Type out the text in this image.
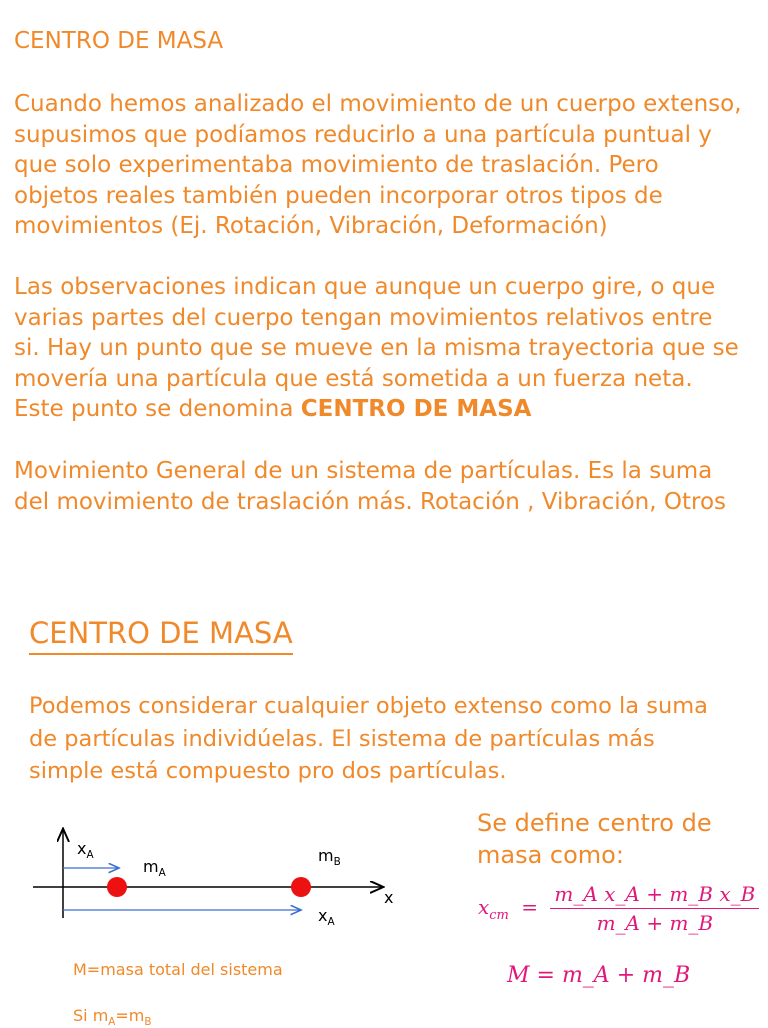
CENTRO DE MASA
Cuando hemos analizado el movimiento de un cuerpo extenso,
supusimos que podíamos reducirlo a una partícula puntual y
que solo experimentaba movimiento de traslación. Pero
objetos reales también pueden incorporar otros tipos de
movimientos (Ej. Rotación, Vibración, Deformación)
Las observaciones indican que aunque un cuerpo gire, o que
varias partes del cuerpo tengan movimientos relativos entre
si. Hay un punto que se mueve en la misma trayectoria que se
movería una partícula que está sometida a un fuerza neta.
Este punto se denomina CENTRO DE MASA
Movimiento General de un sistema de partículas. Es la suma
del movimiento de traslación más. Rotación , Vibración, Otros
CENTRO DE MASA
Podemos considerar cualquier objeto extenso como la suma
de partículas individúelas. El sistema de partículas más
simple está compuesto pro dos partículas.
Se define centro de
masa como:
$x_A$
$m_A$
$m_B$
x
$x_A$
$x_{cm} = \frac{\text{m\_A x\_A + m\_B x\_B}}{m\_A + m\_B}$
M = m_A + m_B
M=masa total del sistema
Si $m_A=m_B$
